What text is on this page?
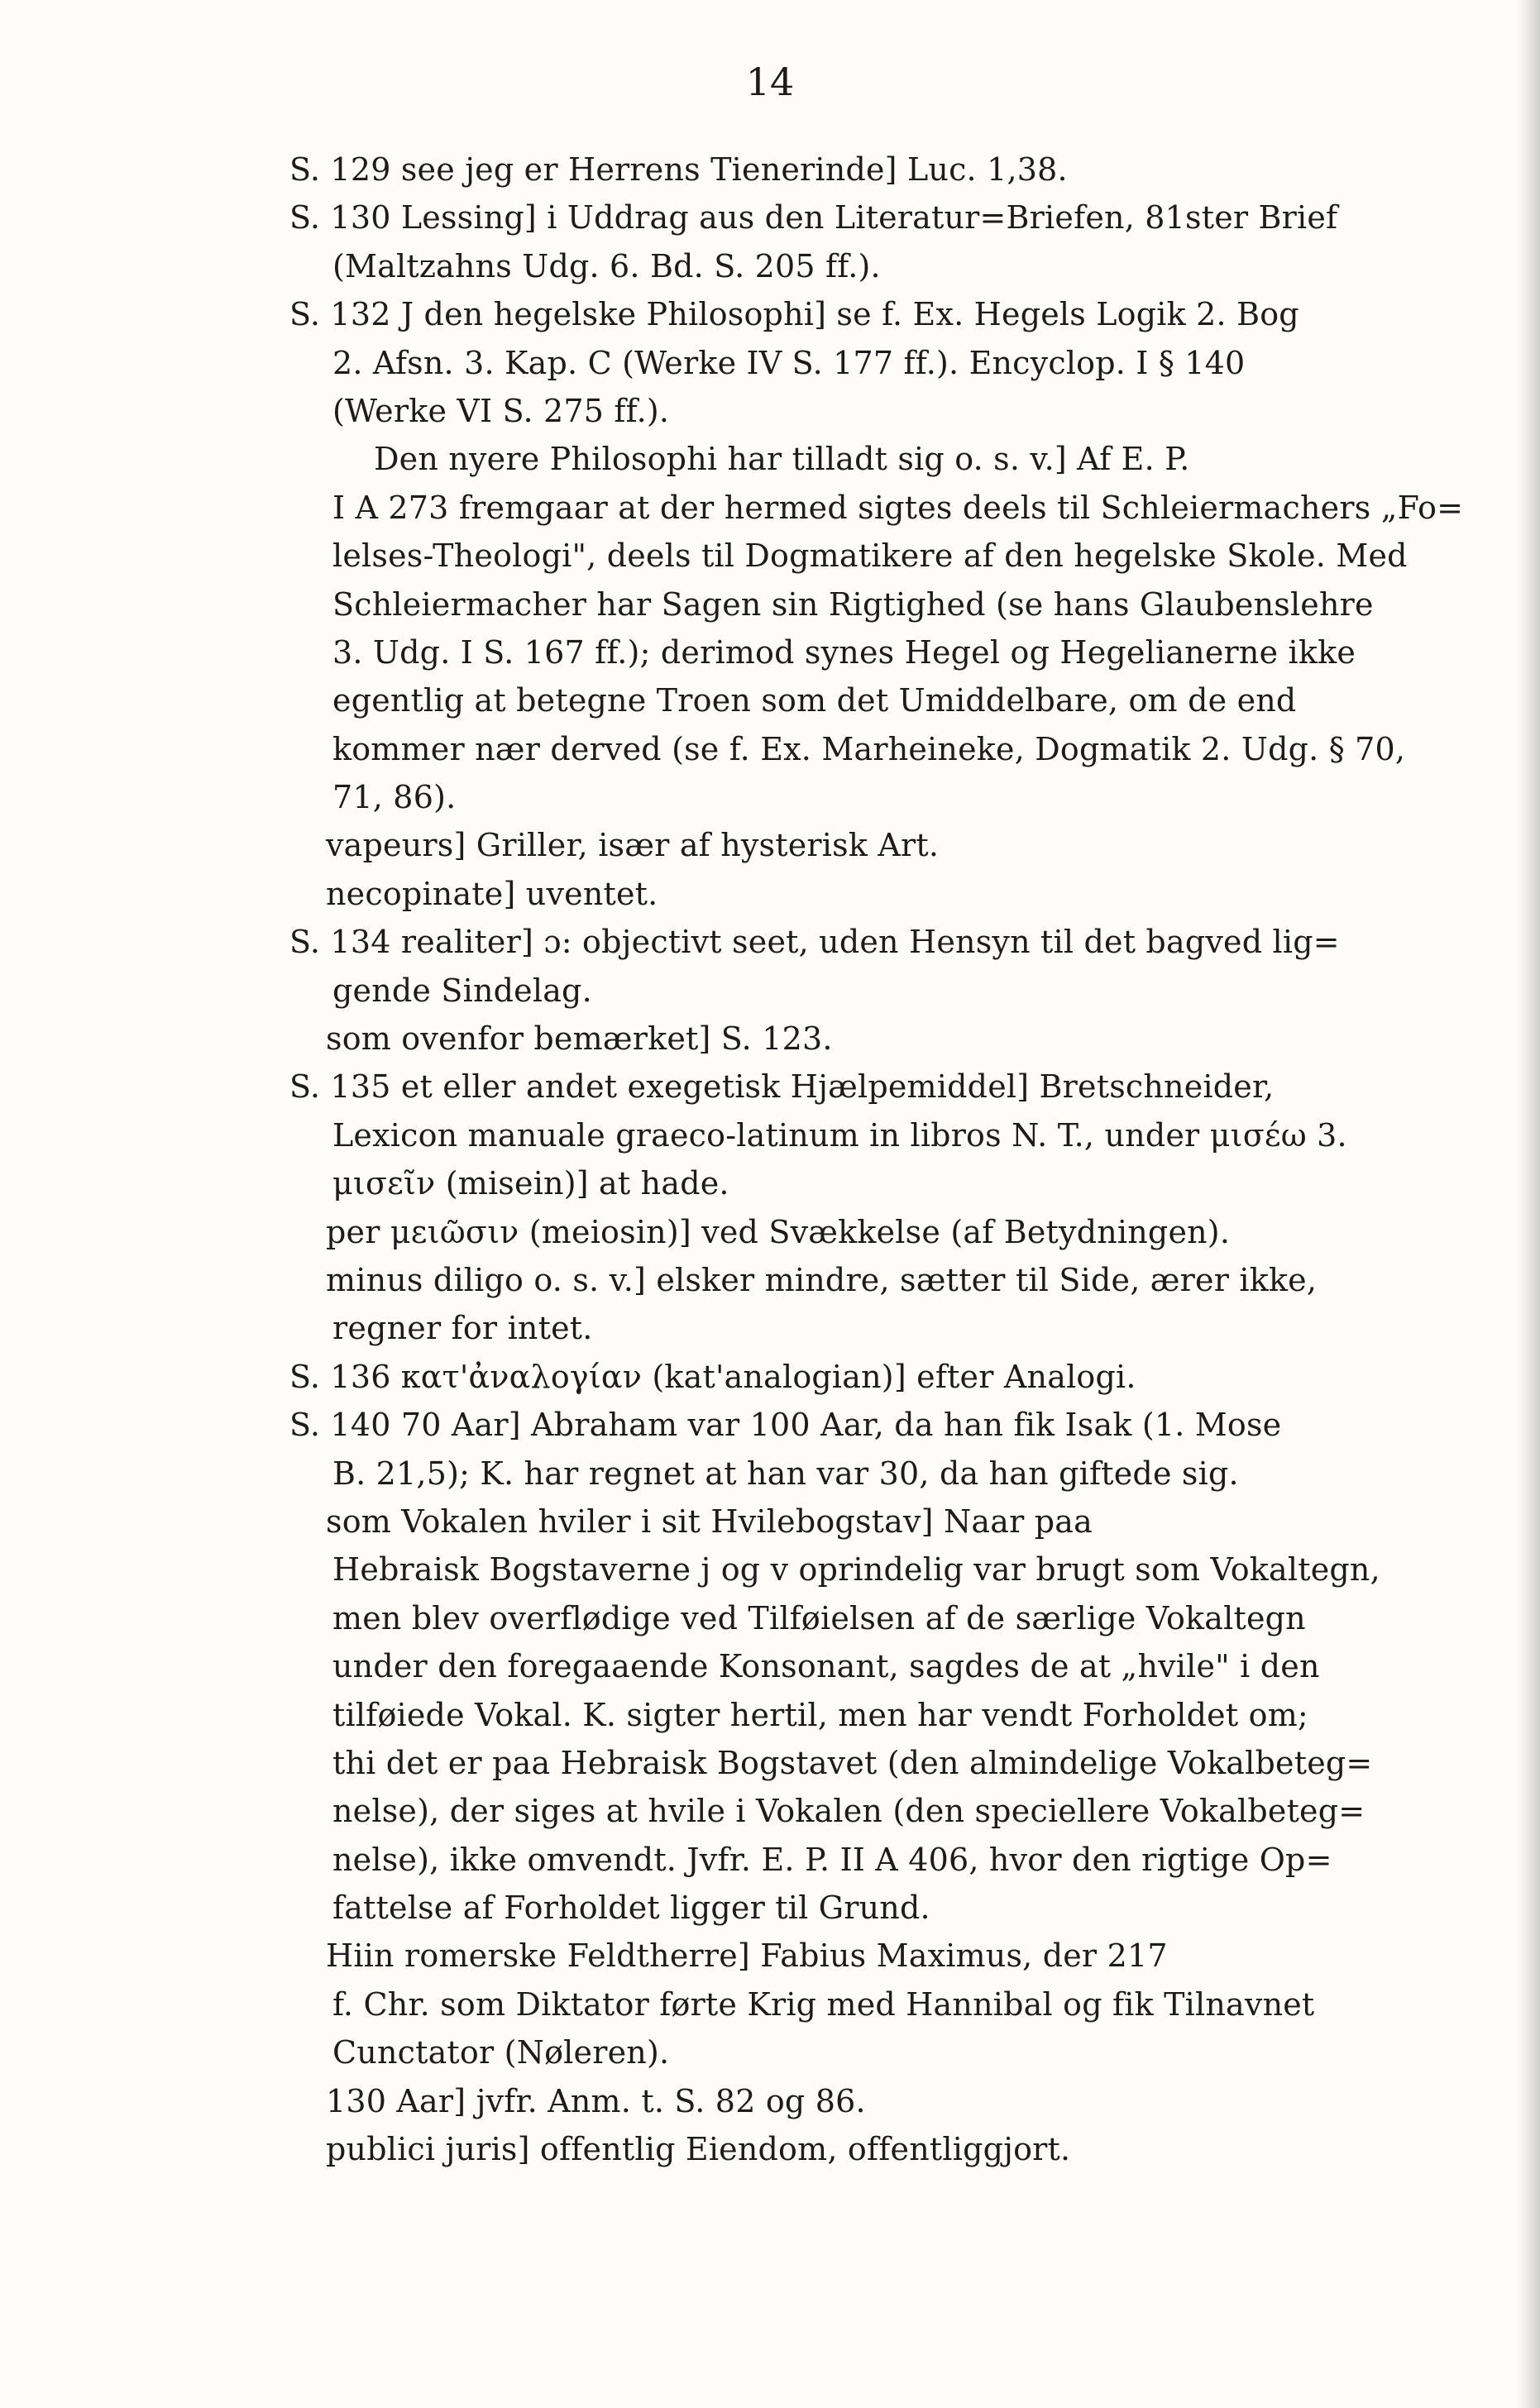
14
S. 129 see jeg er Herrens Tienerinde] Luc. 1,38.
S. 130 Lessing] i Uddrag aus den Literatur=Briefen, 81ster Brief
(Maltzahns Udg. 6. Bd. S. 205 ff.).
S. 132 J den hegelske Philosophi] se f. Ex. Hegels Logik 2. Bog
2. Afsn. 3. Kap. C (Werke IV S. 177 ff.). Encyclop. I § 140
(Werke VI S. 275 ff.).
Den nyere Philosophi har tilladt sig o. s. v.] Af E. P.
I A 273 fremgaar at der hermed sigtes deels til Schleiermachers „Fo=
lelses-Theologi", deels til Dogmatikere af den hegelske Skole. Med
Schleiermacher har Sagen sin Rigtighed (se hans Glaubenslehre
3. Udg. I S. 167 ff.); derimod synes Hegel og Hegelianerne ikke
egentlig at betegne Troen som det Umiddelbare, om de end
kommer nær derved (se f. Ex. Marheineke, Dogmatik 2. Udg. § 70,
71, 86).
vapeurs] Griller, især af hysterisk Art.
necopinate] uventet.
S. 134 realiter] ɔ: objectivt seet, uden Hensyn til det bagved lig=
gende Sindelag.
som ovenfor bemærket] S. 123.
S. 135 et eller andet exegetisk Hjælpemiddel] Bretschneider,
Lexicon manuale graeco-latinum in libros N. T., under μισέω 3.
μισεῖν (misein)] at hade.
per μειῶσιν (meiosin)] ved Svækkelse (af Betydningen).
minus diligo o. s. v.] elsker mindre, sætter til Side, ærer ikke,
regner for intet.
S. 136 κατ'ἀναλογίαν (kat'analogian)] efter Analogi.
S. 140 70 Aar] Abraham var 100 Aar, da han fik Isak (1. Mose
B. 21,5); K. har regnet at han var 30, da han giftede sig.
som Vokalen hviler i sit Hvilebogstav] Naar paa
Hebraisk Bogstaverne j og v oprindelig var brugt som Vokaltegn,
men blev overflødige ved Tilføielsen af de særlige Vokaltegn
under den foregaaende Konsonant, sagdes de at „hvile" i den
tilføiede Vokal. K. sigter hertil, men har vendt Forholdet om;
thi det er paa Hebraisk Bogstavet (den almindelige Vokalbeteg=
nelse), der siges at hvile i Vokalen (den speciellere Vokalbeteg=
nelse), ikke omvendt. Jvfr. E. P. II A 406, hvor den rigtige Op=
fattelse af Forholdet ligger til Grund.
Hiin romerske Feldtherre] Fabius Maximus, der 217
f. Chr. som Diktator førte Krig med Hannibal og fik Tilnavnet
Cunctator (Nøleren).
130 Aar] jvfr. Anm. t. S. 82 og 86.
publici juris] offentlig Eiendom, offentliggjort.
